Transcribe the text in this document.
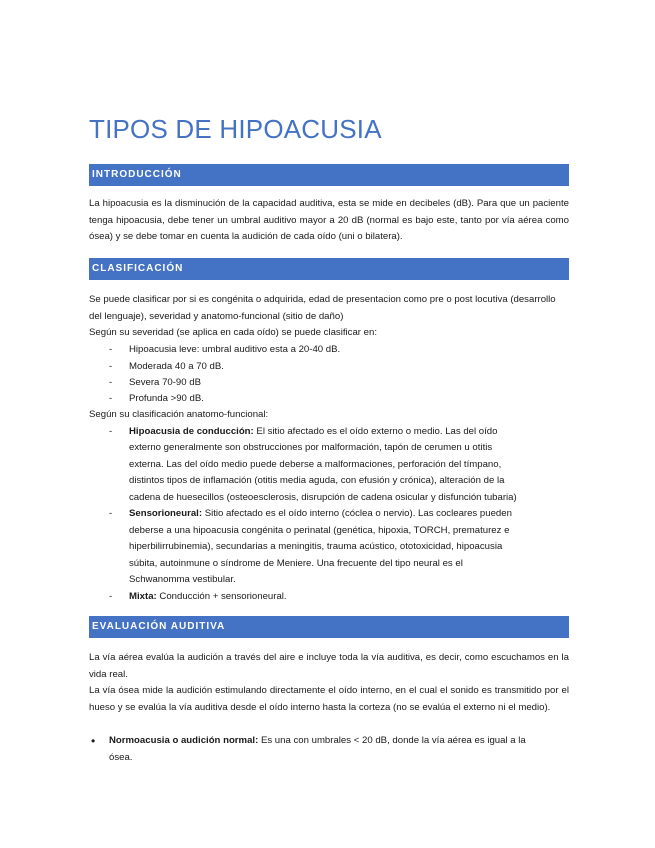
TIPOS DE HIPOACUSIA
INTRODUCCIÓN
La hipoacusia es la disminución de la capacidad auditiva, esta se mide en decibeles (dB). Para que un paciente tenga hipoacusia, debe tener un umbral auditivo mayor a 20 dB (normal es bajo este, tanto por vía aérea como ósea) y se debe tomar en cuenta la audición de cada oído (uni o bilatera).
CLASIFICACIÓN
Se puede clasificar por si es congénita o adquirida, edad de presentacion como pre o post locutiva (desarrollo del lenguaje), severidad y anatomo-funcional (sitio de daño)
Según su severidad (se aplica en cada oído) se puede clasificar en:
- Hipoacusia leve: umbral auditivo esta a 20-40 dB.
- Moderada 40 a 70 dB.
- Severa 70-90 dB
- Profunda >90 dB.
Según su clasificación anatomo-funcional:
- Hipoacusia de conducción: El sitio afectado es el oído externo o medio. Las del oído
externo generalmente son obstrucciones por malformación, tapón de cerumen u otitis
externa. Las del oído medio puede deberse a malformaciones, perforación del tímpano,
distintos tipos de inflamación (otitis media aguda, con efusión y crónica), alteración de la
cadena de huesecillos (osteoesclerosis, disrupción de cadena osicular y disfunción tubaria)
- Sensorioneural: Sitio afectado es el oído interno (cóclea o nervio). Las cocleares pueden
deberse a una hipoacusia congénita o perinatal (genética, hipoxia, TORCH, prematurez e
hiperbilirrubinemia), secundarias a meningitis, trauma acústico, ototoxicidad, hipoacusia
súbita, autoinmune o síndrome de Meniere. Una frecuente del tipo neural es el
Schwanomma vestibular.
- Mixta: Conducción + sensorioneural.
EVALUACIÓN AUDITIVA
La vía aérea evalúa la audición a través del aire e incluye toda la vía auditiva, es decir, como escuchamos en la vida real.
La vía ósea mide la audición estimulando directamente el oído interno, en el cual el sonido es transmitido por el hueso y se evalúa la vía auditiva desde el oído interno hasta la corteza (no se evalúa el externo ni el medio).
• Normoacusia o audición normal: Es una con umbrales < 20 dB, donde la vía aérea es igual a la
ósea.
